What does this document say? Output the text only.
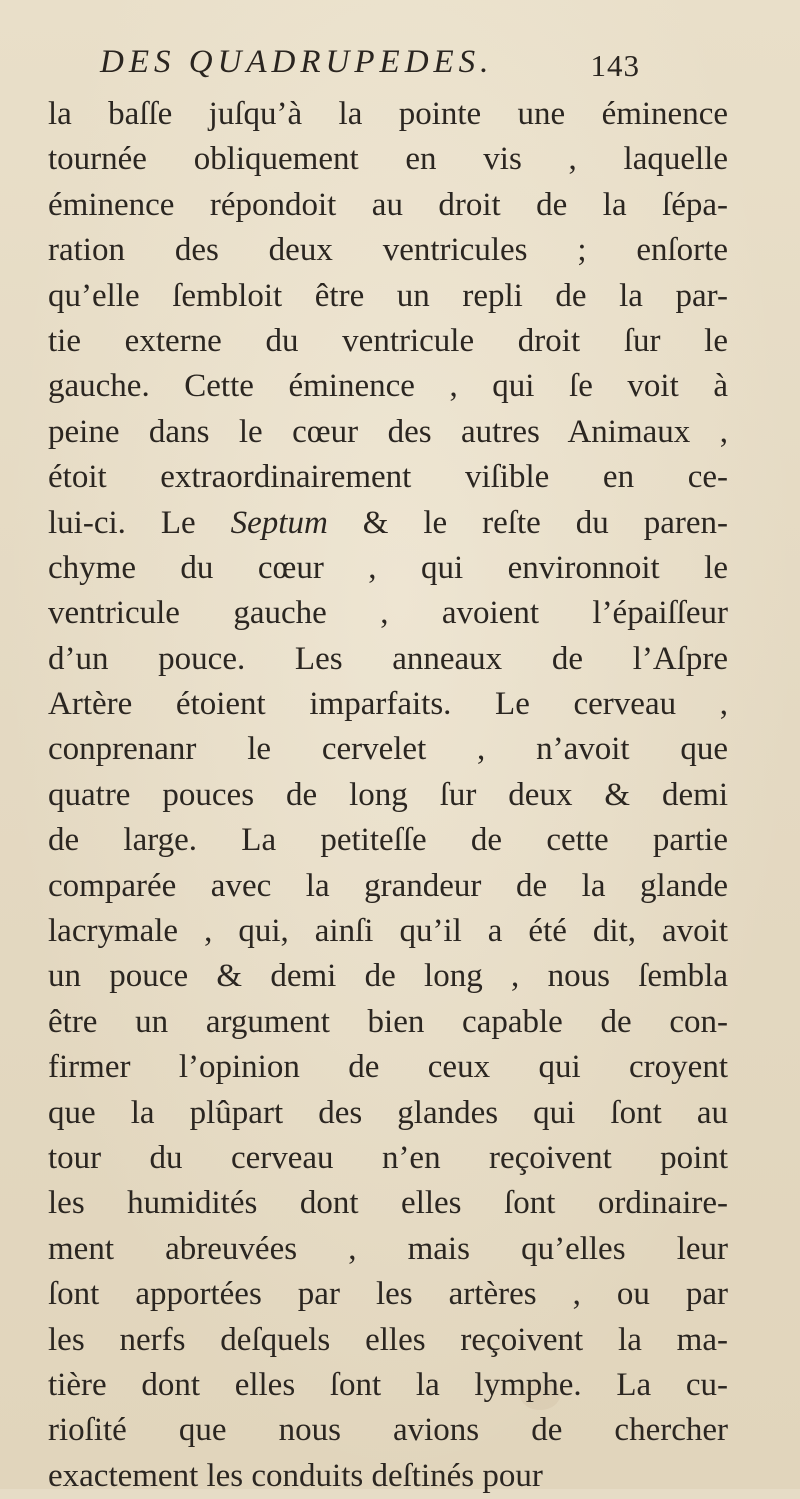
DES QUADRUPEDES.	143
la baſſe juſqu’à la pointe une éminence
tournée obliquement en vis , laquelle
éminence répondoit au droit de la ſépa-
ration des deux ventricules ; enſorte
qu’elle ſembloit être un repli de la par-
tie externe du ventricule droit ſur le
gauche. Cette éminence , qui ſe voit à
peine dans le cœur des autres Animaux ,
étoit extraordinairement viſible en ce-
lui-ci. Le Septum & le reſte du paren-
chyme du cœur , qui environnoit le
ventricule gauche , avoient l’épaiſſeur
d’un pouce. Les anneaux de l’Aſpre
Artère étoient imparfaits. Le cerveau ,
conprenanr le cervelet , n’avoit que
quatre pouces de long ſur deux & demi
de large. La petiteſſe de cette partie
comparée avec la grandeur de la glande
lacrymale , qui, ainſi qu’il a été dit, avoit
un pouce & demi de long , nous ſembla
être un argument bien capable de con-
firmer l’opinion de ceux qui croyent
que la plûpart des glandes qui ſont au
tour du cerveau n’en reçoivent point
les humidités dont elles ſont ordinaire-
ment abreuvées , mais qu’elles leur
ſont apportées par les artères , ou par
les nerfs deſquels elles reçoivent la ma-
tière dont elles ſont la lymphe. La cu-
rioſité que nous avions de chercher
exactement les conduits deſtinés pour
